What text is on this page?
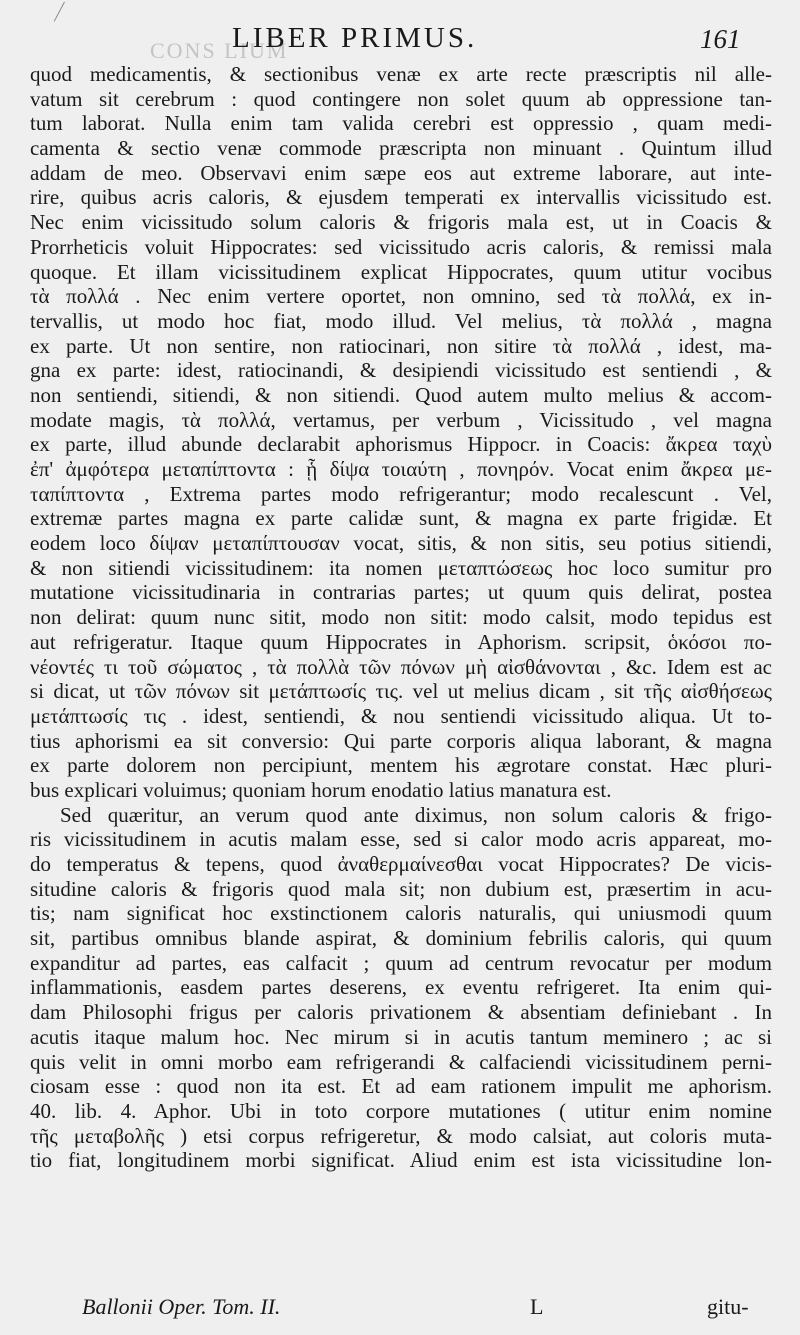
CONS LIUM
LIBER PRIMUS.	161
quod medicamentis, & sectionibus venæ ex arte recte præscriptis nil alle-
vatum sit cerebrum : quod contingere non solet quum ab oppressione tan-
tum laborat. Nulla enim tam valida cerebri est oppressio , quam medi-
camenta & sectio venæ commode præscripta non minuant . Quintum illud
addam de meo. Observavi enim sæpe eos aut extreme laborare, aut inte-
rire, quibus acris caloris, & ejusdem temperati ex intervallis vicissitudo est.
Nec enim vicissitudo solum caloris & frigoris mala est, ut in Coacis &
Prorrheticis voluit Hippocrates: sed vicissitudo acris caloris, & remissi mala
quoque. Et illam vicissitudinem explicat Hippocrates, quum utitur vocibus
τὰ πολλά . Nec enim vertere oportet, non omnino, sed τὰ πολλά, ex in-
tervallis, ut modo hoc fiat, modo illud. Vel melius, τὰ πολλά , magna
ex parte. Ut non sentire, non ratiocinari, non sitire τὰ πολλά , idest, ma-
gna ex parte: idest, ratiocinandi, & desipiendi vicissitudo est sentiendi , &
non sentiendi, sitiendi, & non sitiendi. Quod autem multo melius & accom-
modate magis, τὰ πολλά, vertamus, per verbum , Vicissitudo , vel magna
ex parte, illud abunde declarabit aphorismus Hippocr. in Coacis: ἄκρεα ταχὺ
ἐπ' ἀμφότερα μεταπίπτοντα : ᾗ δίψα τοιαύτη , πονηρόν. Vocat enim ἄκρεα με-
ταπίπτοντα , Extrema partes modo refrigerantur; modo recalescunt . Vel,
extremæ partes magna ex parte calidæ sunt, & magna ex parte frigidæ. Et
eodem loco δίψαν μεταπίπτουσαν vocat, sitis, & non sitis, seu potius sitiendi,
& non sitiendi vicissitudinem: ita nomen μεταπτώσεως hoc loco sumitur pro
mutatione vicissitudinaria in contrarias partes; ut quum quis delirat, postea
non delirat: quum nunc sitit, modo non sitit: modo calsit, modo tepidus est
aut refrigeratur. Itaque quum Hippocrates in Aphorism. scripsit, ὁκόσοι πο-
νέοντές τι τοῦ σώματος , τὰ πολλὰ τῶν πόνων μὴ αἰσθάνονται , &c. Idem est ac
si dicat, ut τῶν πόνων sit μετάπτωσίς τις. vel ut melius dicam , sit τῆς αἰσθήσεως
μετάπτωσίς τις . idest, sentiendi, & nou sentiendi vicissitudo aliqua. Ut to-
tius aphorismi ea sit conversio: Qui parte corporis aliqua laborant, & magna
ex parte dolorem non percipiunt, mentem his ægrotare constat. Hæc pluri-
bus explicari voluimus; quoniam horum enodatio latius manatura est.
Sed quæritur, an verum quod ante diximus, non solum caloris & frigo-
ris vicissitudinem in acutis malam esse, sed si calor modo acris appareat, mo-
do temperatus & tepens, quod ἀναθερμαίνεσθαι vocat Hippocrates? De vicis-
situdine caloris & frigoris quod mala sit; non dubium est, præsertim in acu-
tis; nam significat hoc exstinctionem caloris naturalis, qui uniusmodi quum
sit, partibus omnibus blande aspirat, & dominium febrilis caloris, qui quum
expanditur ad partes, eas calfacit ; quum ad centrum revocatur per modum
inflammationis, easdem partes deserens, ex eventu refrigeret. Ita enim qui-
dam Philosophi frigus per caloris privationem & absentiam definiebant . In
acutis itaque malum hoc. Nec mirum si in acutis tantum meminero ; ac si
quis velit in omni morbo eam refrigerandi & calfaciendi vicissitudinem perni-
ciosam esse : quod non ita est. Et ad eam rationem impulit me aphorism.
40. lib. 4. Aphor. Ubi in toto corpore mutationes ( utitur enim nomine
τῆς μεταβολῆς ) etsi corpus refrigeretur, & modo calsiat, aut coloris muta-
tio fiat, longitudinem morbi significat. Aliud enim est ista vicissitudine lon-
Ballonii Oper. Tom. II.	L	gitu-
